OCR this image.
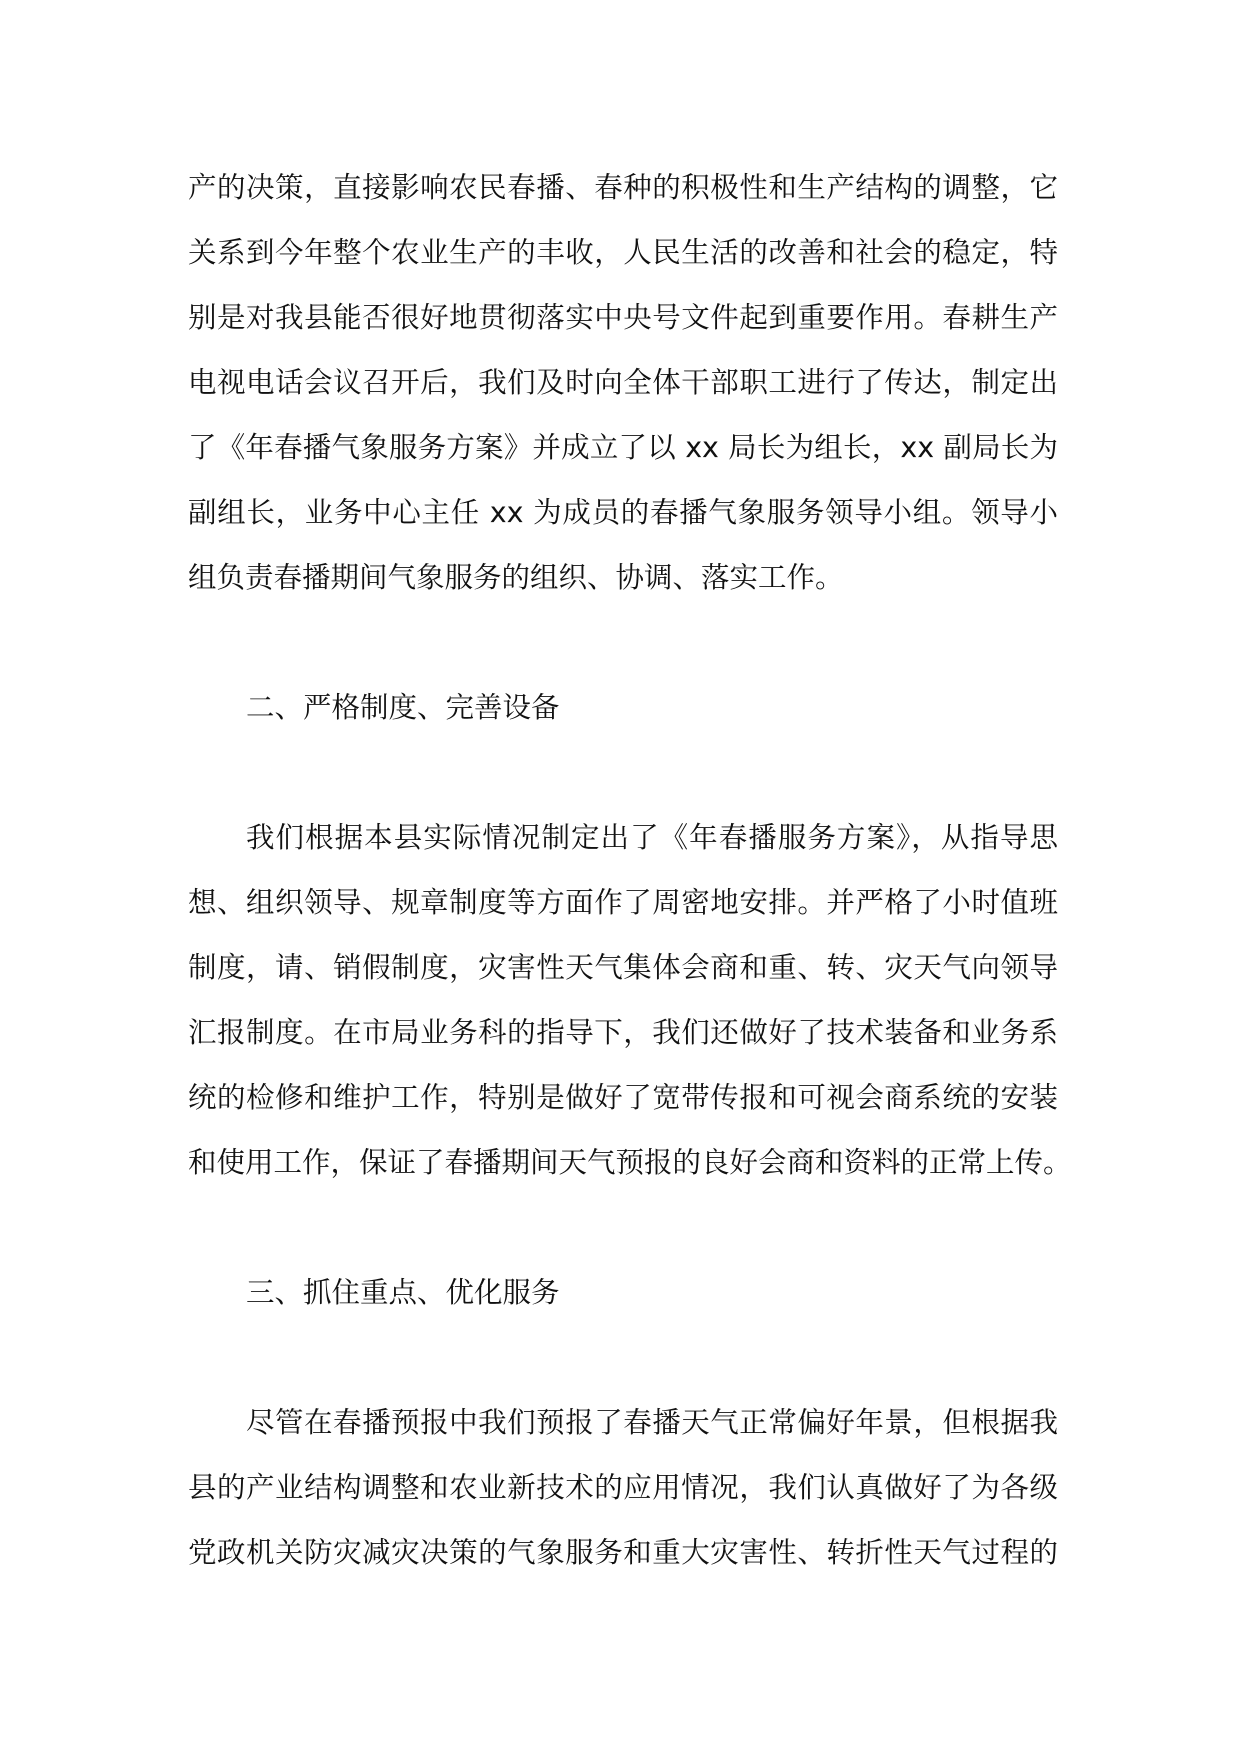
产的决策，直接影响农民春播、春种的积极性和生产结构的调整，它
关系到今年整个农业生产的丰收，人民生活的改善和社会的稳定，特
别是对我县能否很好地贯彻落实中央号文件起到重要作用。春耕生产
电视电话会议召开后，我们及时向全体干部职工进行了传达，制定出
了《年春播气象服务方案》并成立了以 xx 局长为组长，xx 副局长为
副组长，业务中心主任 xx 为成员的春播气象服务领导小组。领导小
组负责春播期间气象服务的组织、协调、落实工作。
二、严格制度、完善设备
我们根据本县实际情况制定出了《年春播服务方案》，从指导思
想、组织领导、规章制度等方面作了周密地安排。并严格了小时值班
制度，请、销假制度，灾害性天气集体会商和重、转、灾天气向领导
汇报制度。在市局业务科的指导下，我们还做好了技术装备和业务系
统的检修和维护工作，特别是做好了宽带传报和可视会商系统的安装
和使用工作，保证了春播期间天气预报的良好会商和资料的正常上传。
三、抓住重点、优化服务
尽管在春播预报中我们预报了春播天气正常偏好年景，但根据我
县的产业结构调整和农业新技术的应用情况，我们认真做好了为各级
党政机关防灾减灾决策的气象服务和重大灾害性、转折性天气过程的
